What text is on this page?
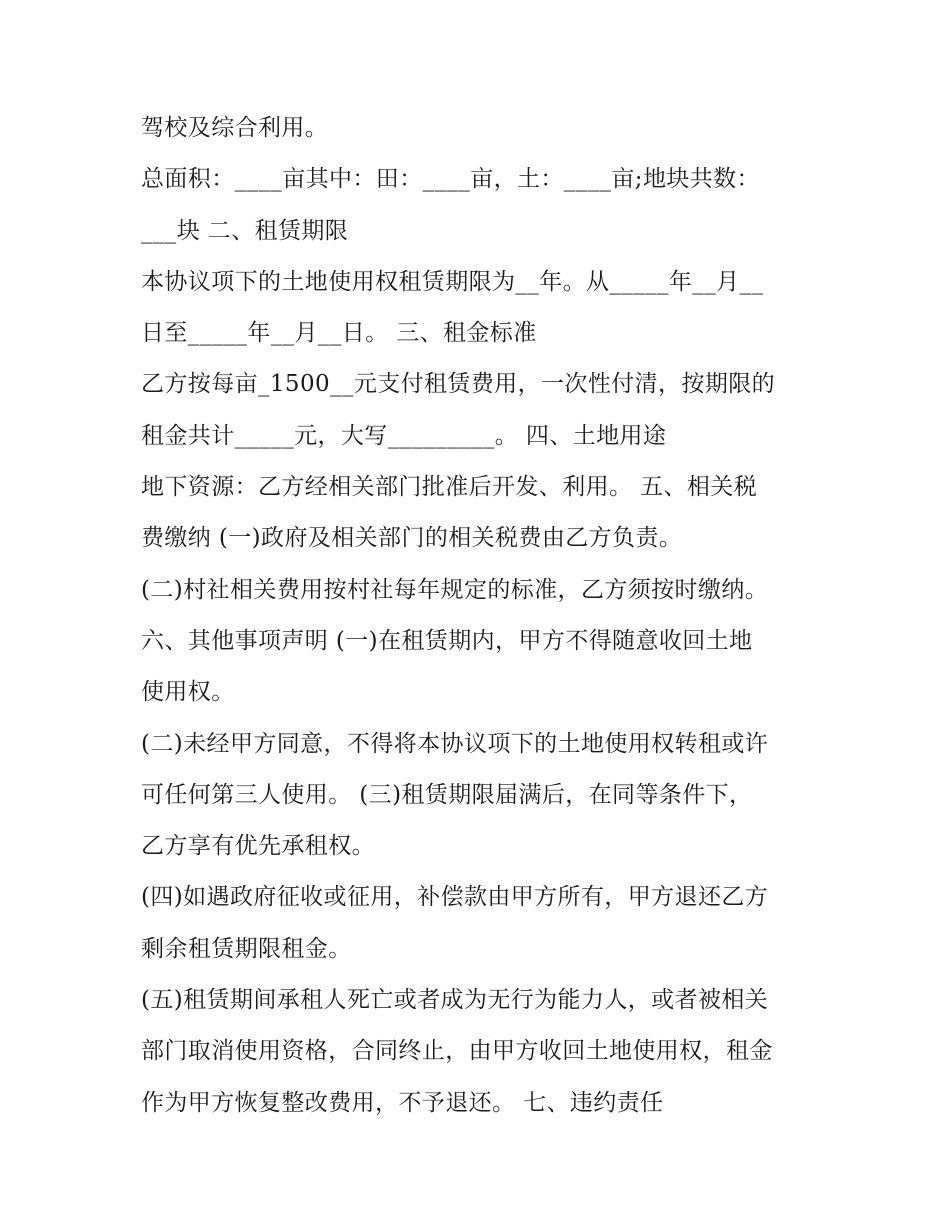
驾校及综合利用。
总面积：____亩其中：田：____亩，土：____亩;地块共数：
___块 二、租赁期限
本协议项下的土地使用权租赁期限为__年。从_____年__月__
日至_____年__月__日。 三、租金标准
乙方按每亩_1500__元支付租赁费用，一次性付清，按期限的
租金共计_____元，大写_________。 四、土地用途
地下资源：乙方经相关部门批准后开发、利用。 五、相关税
费缴纳 (一)政府及相关部门的相关税费由乙方负责。
(二)村社相关费用按村社每年规定的标准，乙方须按时缴纳。
六、其他事项声明 (一)在租赁期内，甲方不得随意收回土地
使用权。
(二)未经甲方同意，不得将本协议项下的土地使用权转租或许
可任何第三人使用。 (三)租赁期限届满后，在同等条件下，
乙方享有优先承租权。
(四)如遇政府征收或征用，补偿款由甲方所有，甲方退还乙方
剩余租赁期限租金。
(五)租赁期间承租人死亡或者成为无行为能力人，或者被相关
部门取消使用资格，合同终止，由甲方收回土地使用权，租金
作为甲方恢复整改费用，不予退还。 七、违约责任
